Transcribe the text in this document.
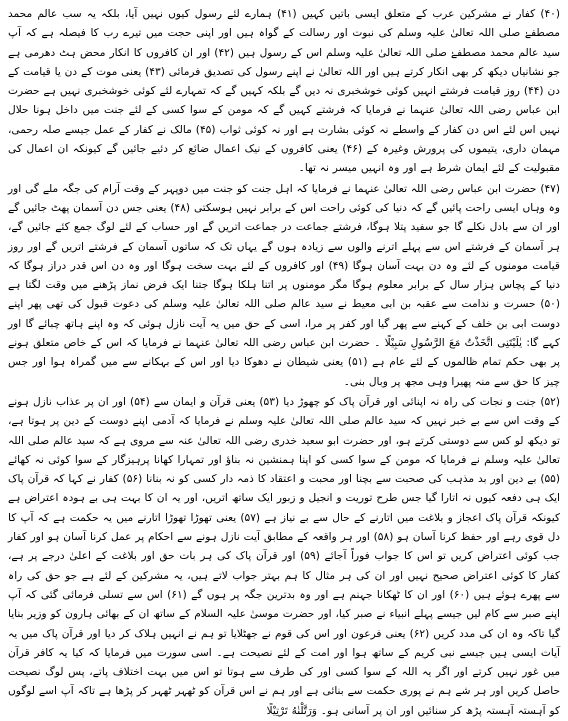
(۴۰) کفار نے مشرکین عرب کے متعلق ایسی باتیں کہیں (۴۱) ہمارے لئے رسول کیوں نہیں آیا، بلکہ یہ سب عالم محمد مصطفےٰ صلی اللہ تعالیٰ علیہ وسلم کی نبوت اور رسالت کے گواہ ہیں اور اپنی حجت میں تیرے رب کا فیصلہ ہے کہ آپ سید عالم محمد مصطفےٰ صلی اللہ تعالیٰ علیہ وسلم اس کے رسول ہیں (۴۲) اور ان کافروں کا انکار محض ہٹ دھرمی ہے جو نشانیاں دیکھ کر بھی انکار کرتے ہیں اور اللہ تعالیٰ نے اپنے رسول کی تصدیق فرمائی (۴۳) یعنی موت کے دن یا قیامت کے دن (۴۴) روز قیامت فرشتے انہیں کوئی خوشخبری نہ دیں گے بلکہ کہیں گے کہ تمہارے لئے کوئی خوشخبری نہیں ہے حضرت ابن عباس رضی اللہ تعالیٰ عنہما نے فرمایا کہ فرشتے کہیں گے کہ مومن کے سوا کسی کے لئے جنت میں داخل ہونا حلال نہیں اس لئے اس دن کفار کے واسطے نہ کوئی بشارت ہے اور نہ کوئی ثواب (۴۵) مالک نے کفار کے عمل جیسے صلہ رحمی، مہمان داری، یتیموں کی پرورش وغیرہ کے (۴۶) یعنی کافروں کے نیک اعمال ضائع کر دئیے جائیں گے کیونکہ ان اعمال کی مقبولیت کے لئے ایمان شرط ہے اور وہ انہیں میسر نہ تھا۔

(۴۷) حضرت ابن عباس رضی اللہ تعالیٰ عنہما نے فرمایا کہ اہل جنت کو جنت میں دوپہر کے وقت آرام کی جگہ ملے گی اور وہ وہاں ایسی راحت پائیں گے کہ دنیا کی کوئی راحت اس کے برابر نہیں ہوسکتی (۴۸) یعنی جس دن آسمان پھٹ جائیں گے اور ان سے بادل نکلے گا جو سفید پتلا ہوگا، فرشتے جماعت در جماعت اتریں گے اور حساب کے لئے لوگ جمع کئے جائیں گے، ہر آسمان کے فرشتے اس سے پہلے اترنے والوں سے زیادہ ہوں گے یہاں تک کہ ساتوں آسمان کے فرشتے اتریں گے اور روز قیامت مومنوں کے لئے وہ دن بہت آسان ہوگا (۴۹) اور کافروں کے لئے بہت سخت ہوگا اور وہ دن اس قدر دراز ہوگا کہ دنیا کے پچاس ہزار سال کے برابر معلوم ہوگا مگر مومنوں پر اتنا ہلکا ہوگا جتنا ایک فرض نماز پڑھنے میں وقت لگتا ہے (۵۰) حسرت و ندامت سے عقبہ بن ابی معیط نے سید عالم صلی اللہ تعالیٰ علیہ وسلم کی دعوت قبول کی تھی پھر اپنے دوست ابی بن خلف کے کہنے سے پھر گیا اور کفر پر مرا، اسی کے حق میں یہ آیت نازل ہوئی کہ وہ اپنے ہاتھ چبائے گا اور کہے گا: یٰلَیْتَنِی اتَّخَذْتُ مَعَ الرَّسُولِ سَبِیْلًا ۔ حضرت ابن عباس رضی اللہ تعالیٰ عنہما نے فرمایا کہ اس کے خاص متعلق ہونے پر بھی حکم تمام ظالموں کے لئے عام ہے (۵۱) یعنی شیطان نے دھوکا دیا اور اس کے بہکانے سے میں گمراہ ہوا اور جس چیز کا حق سے منہ پھیرا وہی مجھ پر وبال بنی۔

(۵۲) جنت و نجات کی راہ نہ اپنائی اور قرآن پاک کو چھوڑ دیا (۵۳) یعنی قرآن و ایمان سے (۵۴) اور ان پر عذاب نازل ہونے کے وقت اس سے بے خبر نہیں کہ سید عالم صلی اللہ تعالیٰ علیہ وسلم نے فرمایا کہ آدمی اپنے دوست کے دین پر ہوتا ہے، تو دیکھ لو کس سے دوستی کرتے ہو، اور حضرت ابو سعید خدری رضی اللہ تعالیٰ عنہ سے مروی ہے کہ سید عالم صلی اللہ تعالیٰ علیہ وسلم نے فرمایا کہ مومن کے سوا کسی کو اپنا ہمنشین نہ بناؤ اور تمہارا کھانا پرہیزگار کے سوا کوئی نہ کھائے (۵۵) بے دین اور بد مذہب کی صحبت سے بچنا اور محبت و اعتقاد کا ذمہ دار کسی کو نہ بنانا (۵۶) کفار نے کہا کہ قرآن پاک ایک ہی دفعہ کیوں نہ اتارا گیا جس طرح توریت و انجیل و زبور ایک ساتھ اتریں، اور یہ ان کا بہت ہی بے ہودہ اعتراض ہے کیونکہ قرآن پاک اعجاز و بلاغت میں اتارنے کے حال سے بے نیاز ہے (۵۷) یعنی تھوڑا تھوڑا اتارنے میں یہ حکمت ہے کہ آپ کا دل قوی رہے اور حفظ کرنا آسان ہو (۵۸) اور ہر واقعہ کے مطابق آیت نازل ہونے سے احکام پر عمل کرنا آسان ہو اور کفار جب کوئی اعتراض کریں تو اس کا جواب فوراً آجائے (۵۹) اور قرآن پاک کی ہر بات حق اور بلاغت کے اعلیٰ درجے پر ہے، کفار کا کوئی اعتراض صحیح نہیں اور ان کی ہر مثال کا ہم بہتر جواب لاتے ہیں، یہ مشرکین کے لئے ہے جو حق کی راہ سے پھرے ہوئے ہیں (۶۰) اور ان کا ٹھکانا جہنم ہے اور وہ بدترین جگہ پر ہوں گے (۶۱) اس سے تسلی فرمائی گئی کہ آپ اپنے صبر سے کام لیں جیسے پہلے انبیاء نے صبر کیا، اور حضرت موسیٰ علیہ السلام کے ساتھ ان کے بھائی ہارون کو وزیر بنایا گیا تاکہ وہ ان کی مدد کریں (۶۲) یعنی فرعون اور اس کی قوم نے جھٹلایا تو ہم نے انہیں ہلاک کر دیا اور قرآن پاک میں یہ آیات ایسی ہیں جیسے نبی کریم کے ساتھ ہوا اور امت کے لئے نصیحت ہے۔ اسی سورت میں فرمایا کہ کیا یہ کافر قرآن میں غور نہیں کرتے اور اگر یہ اللہ کے سوا کسی اور کی طرف سے ہوتا تو اس میں بہت اختلاف پاتے، پس لوگ نصیحت حاصل کریں اور ہر شے ہم نے پوری حکمت سے بنائی ہے اور ہم نے اس قرآن کو ٹھہر ٹھہر کر پڑھا ہے تاکہ آپ اسے لوگوں کو آہستہ آہستہ پڑھ کر سنائیں اور ان پر آسانی ہو۔ وَرَتَّلْنٰهُ تَرْتِیْلًا
